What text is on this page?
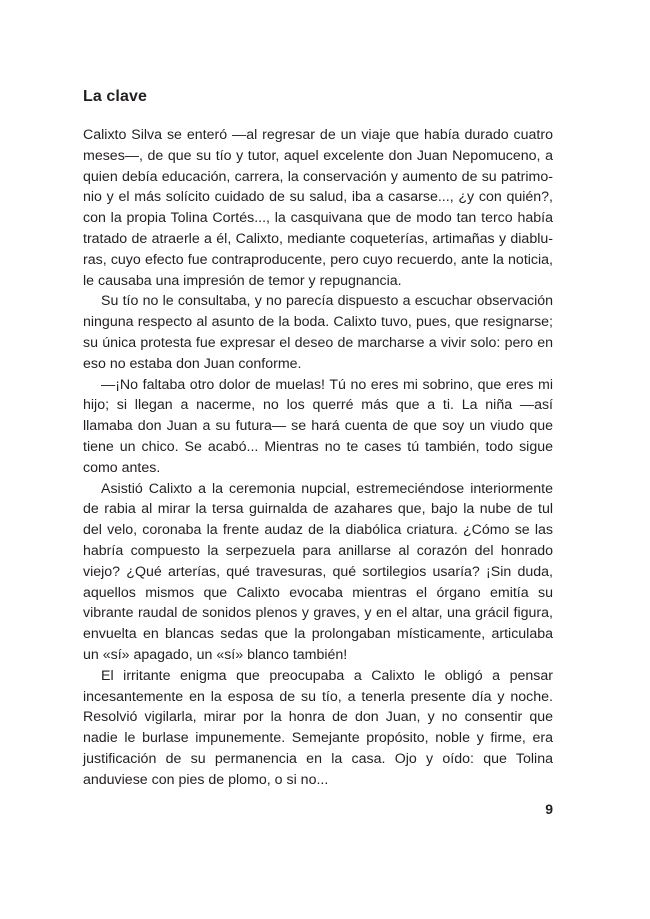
La clave

Calixto Silva se enteró —al regresar de un viaje que había durado cuatro meses—, de que su tío y tutor, aquel excelente don Juan Nepomuceno, a quien debía educación, carrera, la conservación y aumento de su patrimonio y el más solícito cuidado de su salud, iba a casarse..., ¿y con quién?, con la propia Tolina Cortés..., la casquivana que de modo tan terco había tratado de atraerle a él, Calixto, mediante coqueterías, artimañas y diabluras, cuyo efecto fue contraproducente, pero cuyo recuerdo, ante la noticia, le causaba una impresión de temor y repugnancia.

Su tío no le consultaba, y no parecía dispuesto a escuchar observación ninguna respecto al asunto de la boda. Calixto tuvo, pues, que resignarse; su única protesta fue expresar el deseo de marcharse a vivir solo: pero en eso no estaba don Juan conforme.

—¡No faltaba otro dolor de muelas! Tú no eres mi sobrino, que eres mi hijo; si llegan a nacerme, no los querré más que a ti. La niña —así llamaba don Juan a su futura— se hará cuenta de que soy un viudo que tiene un chico. Se acabó... Mientras no te cases tú también, todo sigue como antes.

Asistió Calixto a la ceremonia nupcial, estremeciéndose interiormente de rabia al mirar la tersa guirnalda de azahares que, bajo la nube de tul del velo, coronaba la frente audaz de la diabólica criatura. ¿Cómo se las habría compuesto la serpezuela para anillarse al corazón del honrado viejo? ¿Qué arterías, qué travesuras, qué sortilegios usaría? ¡Sin duda, aquellos mismos que Calixto evocaba mientras el órgano emitía su vibrante raudal de sonidos plenos y graves, y en el altar, una grácil figura, envuelta en blancas sedas que la prolongaban místicamente, articulaba un «sí» apagado, un «sí» blanco también!

El irritante enigma que preocupaba a Calixto le obligó a pensar incesantemente en la esposa de su tío, a tenerla presente día y noche. Resolvió vigilarla, mirar por la honra de don Juan, y no consentir que nadie le burlase impunemente. Semejante propósito, noble y firme, era justificación de su permanencia en la casa. Ojo y oído: que Tolina anduviese con pies de plomo, o si no...

9
